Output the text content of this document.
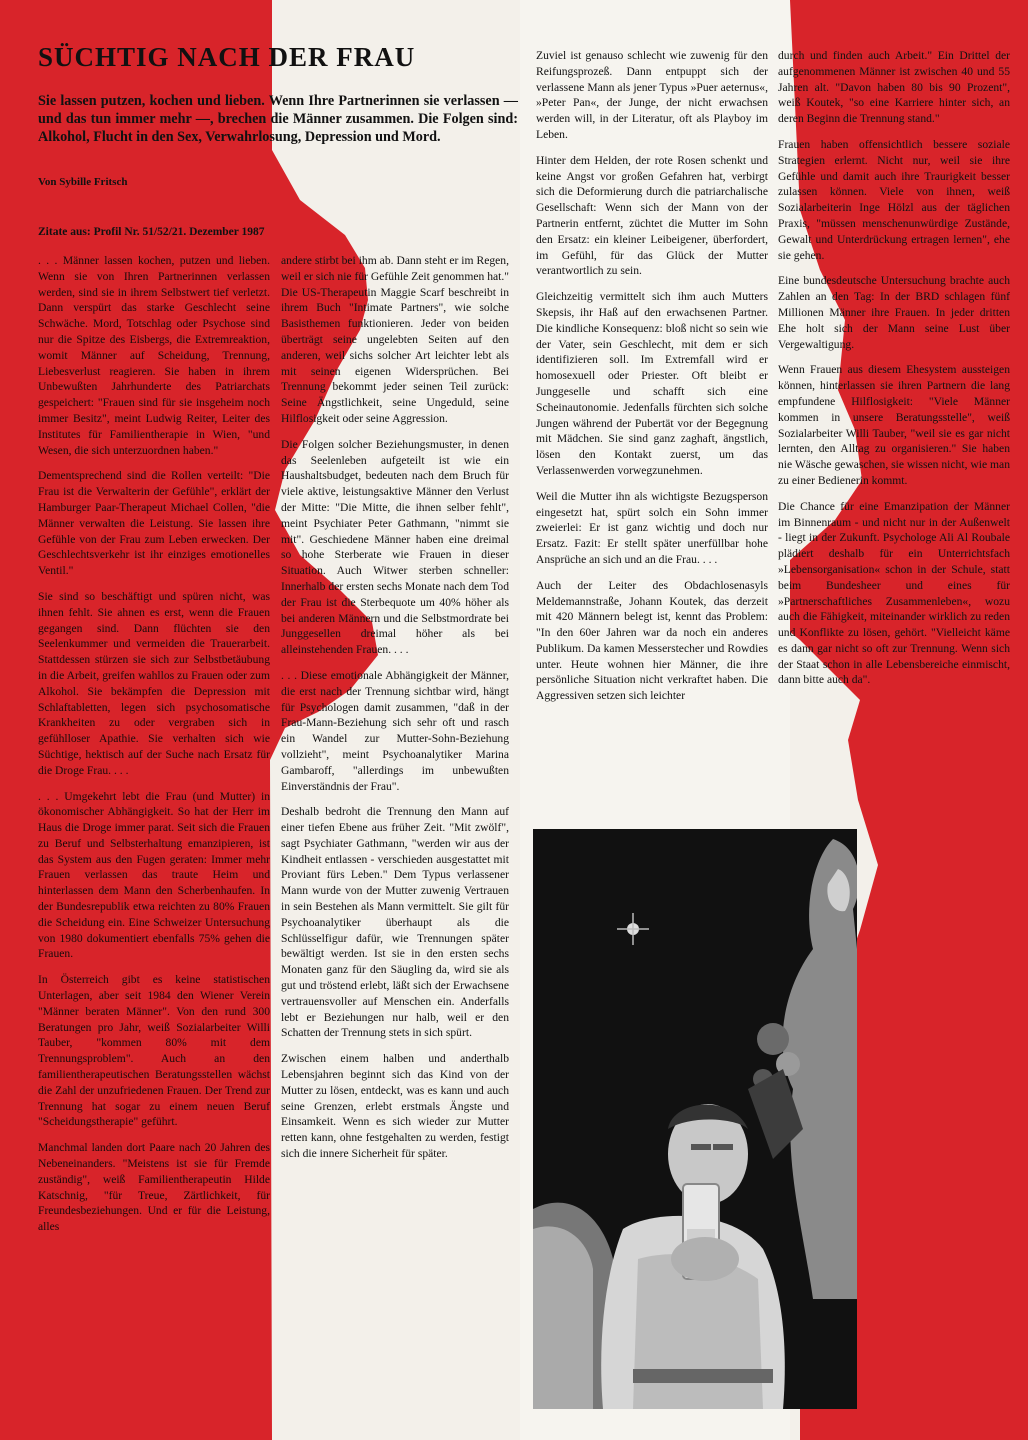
SÜCHTIG NACH DER FRAU

Sie lassen putzen, kochen und lieben. Wenn Ihre Partnerinnen sie verlassen — und das tun immer mehr —, brechen die Männer zusammen. Die Folgen sind: Alkohol, Flucht in den Sex, Verwahrlosung, Depression und Mord.

Von Sybille Fritsch

Zitate aus: Profil Nr. 51/52/21. Dezember 1987

. . . Männer lassen kochen, putzen und lieben. Wenn sie von Ihren Partnerinnen verlassen werden, sind sie in ihrem Selbstwert tief verletzt. Dann verspürt das starke Geschlecht seine Schwäche. Mord, Totschlag oder Psychose sind nur die Spitze des Eisbergs, die Extremreaktion, womit Männer auf Scheidung, Trennung, Liebesverlust reagieren. Sie haben in ihrem Unbewußten Jahrhunderte des Patriarchats gespeichert: "Frauen sind für sie insgeheim noch immer Besitz", meint Ludwig Reiter, Leiter des Institutes für Familientherapie in Wien, "und Wesen, die sich unterzuordnen haben."

Dementsprechend sind die Rollen verteilt: "Die Frau ist die Verwalterin der Gefühle", erklärt der Hamburger Paar-Therapeut Michael Collen, "die Männer verwalten die Leistung. Sie lassen ihre Gefühle von der Frau zum Leben erwecken. Der Geschlechtsverkehr ist ihr einziges emotionelles Ventil."

Sie sind so beschäftigt und spüren nicht, was ihnen fehlt. Sie ahnen es erst, wenn die Frauen gegangen sind. Dann flüchten sie den Seelenkummer und vermeiden die Trauerarbeit. Stattdessen stürzen sie sich zur Selbstbetäubung in die Arbeit, greifen wahllos zu Frauen oder zum Alkohol. Sie bekämpfen die Depression mit Schlaftabletten, legen sich psychosomatische Krankheiten zu oder vergraben sich in gefühlloser Apathie. Sie verhalten sich wie Süchtige, hektisch auf der Suche nach Ersatz für die Droge Frau. . . .

. . . Umgekehrt lebt die Frau (und Mutter) in ökonomischer Abhängigkeit. So hat der Herr im Haus die Droge immer parat. Seit sich die Frauen zu Beruf und Selbsterhaltung emanzipieren, ist das System aus den Fugen geraten: Immer mehr Frauen verlassen das traute Heim und hinterlassen dem Mann den Scherbenhaufen. In der Bundesrepublik etwa reichten zu 80% Frauen die Scheidung ein. Eine Schweizer Untersuchung von 1980 dokumentiert ebenfalls 75% gehen die Frauen.

In Österreich gibt es keine statistischen Unterlagen, aber seit 1984 den Wiener Verein "Männer beraten Männer". Von den rund 300 Beratungen pro Jahr, weiß Sozialarbeiter Willi Tauber, "kommen 80% mit dem Trennungsproblem". Auch an den familientherapeutischen Beratungsstellen wächst die Zahl der unzufriedenen Frauen. Der Trend zur Trennung hat sogar zu einem neuen Beruf "Scheidungstherapie" geführt.

Manchmal landen dort Paare nach 20 Jahren des Nebeneinanders. "Meistens ist sie für Fremde zuständig", weiß Familientherapeutin Hilde Katschnig, "für Treue, Zärtlichkeit, für Freundesbeziehungen. Und er für die Leistung, alles

andere stirbt bei ihm ab. Dann steht er im Regen, weil er sich nie für Gefühle Zeit genommen hat." Die US-Therapeutin Maggie Scarf beschreibt in ihrem Buch "Intimate Partners", wie solche Basisthemen funktionieren. Jeder von beiden überträgt seine ungelebten Seiten auf den anderen, weil sichs solcher Art leichter lebt als mit seinen eigenen Widersprüchen. Bei Trennung bekommt jeder seinen Teil zurück: Seine Ängstlichkeit, seine Ungeduld, seine Hilflosigkeit oder seine Aggression.

Die Folgen solcher Beziehungsmuster, in denen das Seelenleben aufgeteilt ist wie ein Haushaltsbudget, bedeuten nach dem Bruch für viele aktive, leistungsaktive Männer den Verlust der Mitte: "Die Mitte, die ihnen selber fehlt", meint Psychiater Peter Gathmann, "nimmt sie mit". Geschiedene Männer haben eine dreimal so hohe Sterberate wie Frauen in dieser Situation. Auch Witwer sterben schneller: Innerhalb der ersten sechs Monate nach dem Tod der Frau ist die Sterbequote um 40% höher als bei anderen Männern und die Selbstmordrate bei Junggesellen dreimal höher als bei alleinstehenden Frauen. . . .

. . . Diese emotionale Abhängigkeit der Männer, die erst nach der Trennung sichtbar wird, hängt für Psychologen damit zusammen, "daß in der Frau-Mann-Beziehung sich sehr oft und rasch ein Wandel zur Mutter-Sohn-Beziehung vollzieht", meint Psychoanalytiker Marina Gambaroff, "allerdings im unbewußten Einverständnis der Frau".

Deshalb bedroht die Trennung den Mann auf einer tiefen Ebene aus früher Zeit. "Mit zwölf", sagt Psychiater Gathmann, "werden wir aus der Kindheit entlassen - verschieden ausgestattet mit Proviant fürs Leben." Dem Typus verlassener Mann wurde von der Mutter zuwenig Vertrauen in sein Bestehen als Mann vermittelt. Sie gilt für Psychoanalytiker überhaupt als die Schlüsselfigur dafür, wie Trennungen später bewältigt werden. Ist sie in den ersten sechs Monaten ganz für den Säugling da, wird sie als gut und tröstend erlebt, läßt sich der Erwachsene vertrauensvoller auf Menschen ein. Anderfalls lebt er Beziehungen nur halb, weil er den Schatten der Trennung stets in sich spürt.

Zwischen einem halben und anderthalb Lebensjahren beginnt sich das Kind von der Mutter zu lösen, entdeckt, was es kann und auch seine Grenzen, erlebt erstmals Ängste und Einsamkeit. Wenn es sich wieder zur Mutter retten kann, ohne festgehalten zu werden, festigt sich die innere Sicherheit für später.

Zuviel ist genauso schlecht wie zuwenig für den Reifungsprozeß. Dann entpuppt sich der verlassene Mann als jener Typus »Puer aeternus«, »Peter Pan«, der Junge, der nicht erwachsen werden will, in der Literatur, oft als Playboy im Leben.

Hinter dem Helden, der rote Rosen schenkt und keine Angst vor großen Gefahren hat, verbirgt sich die Deformierung durch die patriarchalische Gesellschaft: Wenn sich der Mann von der Partnerin entfernt, züchtet die Mutter im Sohn den Ersatz: ein kleiner Leibeigener, überfordert, im Gefühl, für das Glück der Mutter verantwortlich zu sein.

Gleichzeitig vermittelt sich ihm auch Mutters Skepsis, ihr Haß auf den erwachsenen Partner. Die kindliche Konsequenz: bloß nicht so sein wie der Vater, sein Geschlecht, mit dem er sich identifizieren soll. Im Extremfall wird er homosexuell oder Priester. Oft bleibt er Junggeselle und schafft sich eine Scheinautonomie. Jedenfalls fürchten sich solche Jungen während der Pubertät vor der Begegnung mit Mädchen. Sie sind ganz zaghaft, ängstlich, lösen den Kontakt zuerst, um das Verlassenwerden vorwegzunehmen.

Weil die Mutter ihn als wichtigste Bezugsperson eingesetzt hat, spürt solch ein Sohn immer zweierlei: Er ist ganz wichtig und doch nur Ersatz. Fazit: Er stellt später unerfüllbar hohe Ansprüche an sich und an die Frau. . . .

Auch der Leiter des Obdachlosenasyls Meldemannstraße, Johann Koutek, das derzeit mit 420 Männern belegt ist, kennt das Problem: "In den 60er Jahren war da noch ein anderes Publikum. Da kamen Messerstecher und Rowdies unter. Heute wohnen hier Männer, die ihre persönliche Situation nicht verkraftet haben. Die Aggressiven setzen sich leichter

durch und finden auch Arbeit." Ein Drittel der aufgenommenen Männer ist zwischen 40 und 55 Jahren alt. "Davon haben 80 bis 90 Prozent", weiß Koutek, "so eine Karriere hinter sich, an deren Beginn die Trennung stand."

Frauen haben offensichtlich bessere soziale Strategien erlernt. Nicht nur, weil sie ihre Gefühle und damit auch ihre Traurigkeit besser zulassen können. Viele von ihnen, weiß Sozialarbeiterin Inge Hölzl aus der täglichen Praxis, "müssen menschenunwürdige Zustände, Gewalt und Unterdrückung ertragen lernen", ehe sie gehen.

Eine bundesdeutsche Untersuchung brachte auch Zahlen an den Tag: In der BRD schlagen fünf Millionen Männer ihre Frauen. In jeder dritten Ehe holt sich der Mann seine Lust über Vergewaltigung.

Wenn Frauen aus diesem Ehesystem aussteigen können, hinterlassen sie ihren Partnern die lang empfundene Hilflosigkeit: "Viele Männer kommen in unsere Beratungsstelle", weiß Sozialarbeiter Willi Tauber, "weil sie es gar nicht lernten, den Alltag zu organisieren." Sie haben nie Wäsche gewaschen, sie wissen nicht, wie man zu einer Bedienerin kommt.

Die Chance für eine Emanzipation der Männer im Binnenraum - und nicht nur in der Außenwelt - liegt in der Zukunft. Psychologe Ali Al Roubale plädiert deshalb für ein Unterrichtsfach »Lebensorganisation« schon in der Schule, statt beim Bundesheer und eines für »Partnerschaftliches Zusammenleben«, wozu auch die Fähigkeit, miteinander wirklich zu reden und Konflikte zu lösen, gehört. "Vielleicht käme es dann gar nicht so oft zur Trennung. Wenn sich der Staat schon in alle Lebensbereiche einmischt, dann bitte auch da".
